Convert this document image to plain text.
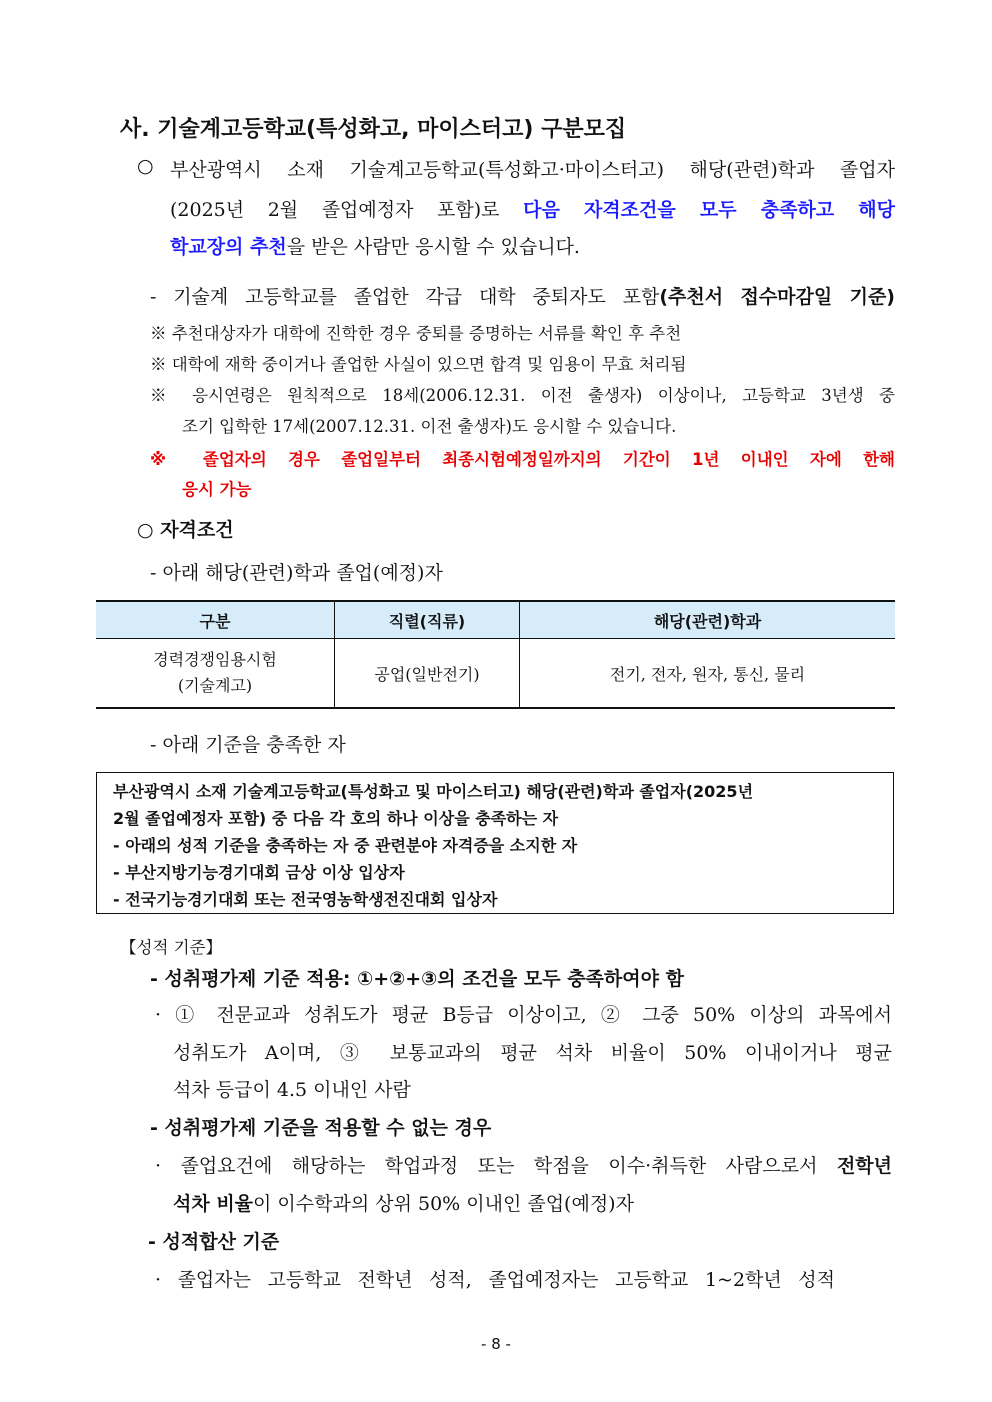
사. 기술계고등학교(특성화고, 마이스터고) 구분모집
○ 부산광역시 소재 기술계고등학교(특성화고·마이스터고) 해당(관련)학과 졸업자
(2025년 2월 졸업예정자 포함)로 다음 자격조건을 모두 충족하고 해당
학교장의 추천을 받은 사람만 응시할 수 있습니다.
- 기술계 고등학교를 졸업한 각급 대학 중퇴자도 포함(추천서 접수마감일 기준)
※ 추천대상자가 대학에 진학한 경우 중퇴를 증명하는 서류를 확인 후 추천
※ 대학에 재학 중이거나 졸업한 사실이 있으면 합격 및 임용이 무효 처리됨
※ 응시연령은 원칙적으로 18세(2006.12.31. 이전 출생자) 이상이나, 고등학교 3년생 중
조기 입학한 17세(2007.12.31. 이전 출생자)도 응시할 수 있습니다.
※ 졸업자의 경우 졸업일부터 최종시험예정일까지의 기간이 1년 이내인 자에 한해
응시 가능
○ 자격조건
- 아래 해당(관련)학과 졸업(예정)자
구분	직렬(직류)	해당(관련)학과

경력경쟁임용시험
(기술계고)	공업(일반전기)	전기, 전자, 원자, 통신, 물리
- 아래 기준을 충족한 자
부산광역시 소재 기술계고등학교(특성화고 및 마이스터고) 해당(관련)학과 졸업자(2025년
2월 졸업예정자 포함) 중 다음 각 호의 하나 이상을 충족하는 자
- 아래의 성적 기준을 충족하는 자 중 관련분야 자격증을 소지한 자
- 부산지방기능경기대회 금상 이상 입상자
- 전국기능경기대회 또는 전국영농학생전진대회 입상자
【성적 기준】
- 성취평가제 기준 적용: ①+②+③의 조건을 모두 충족하여야 함
· ① 전문교과 성취도가 평균 B등급 이상이고, ② 그중 50% 이상의 과목에서
성취도가 A이며, ③ 보통교과의 평균 석차 비율이 50% 이내이거나 평균
석차 등급이 4.5 이내인 사람
- 성취평가제 기준을 적용할 수 없는 경우
· 졸업요건에 해당하는 학업과정 또는 학점을 이수·취득한 사람으로서 전학년
석차 비율이 이수학과의 상위 50% 이내인 졸업(예정)자
- 성적합산 기준
· 졸업자는 고등학교 전학년 성적, 졸업예정자는 고등학교 1~2학년 성적
- 8 -
